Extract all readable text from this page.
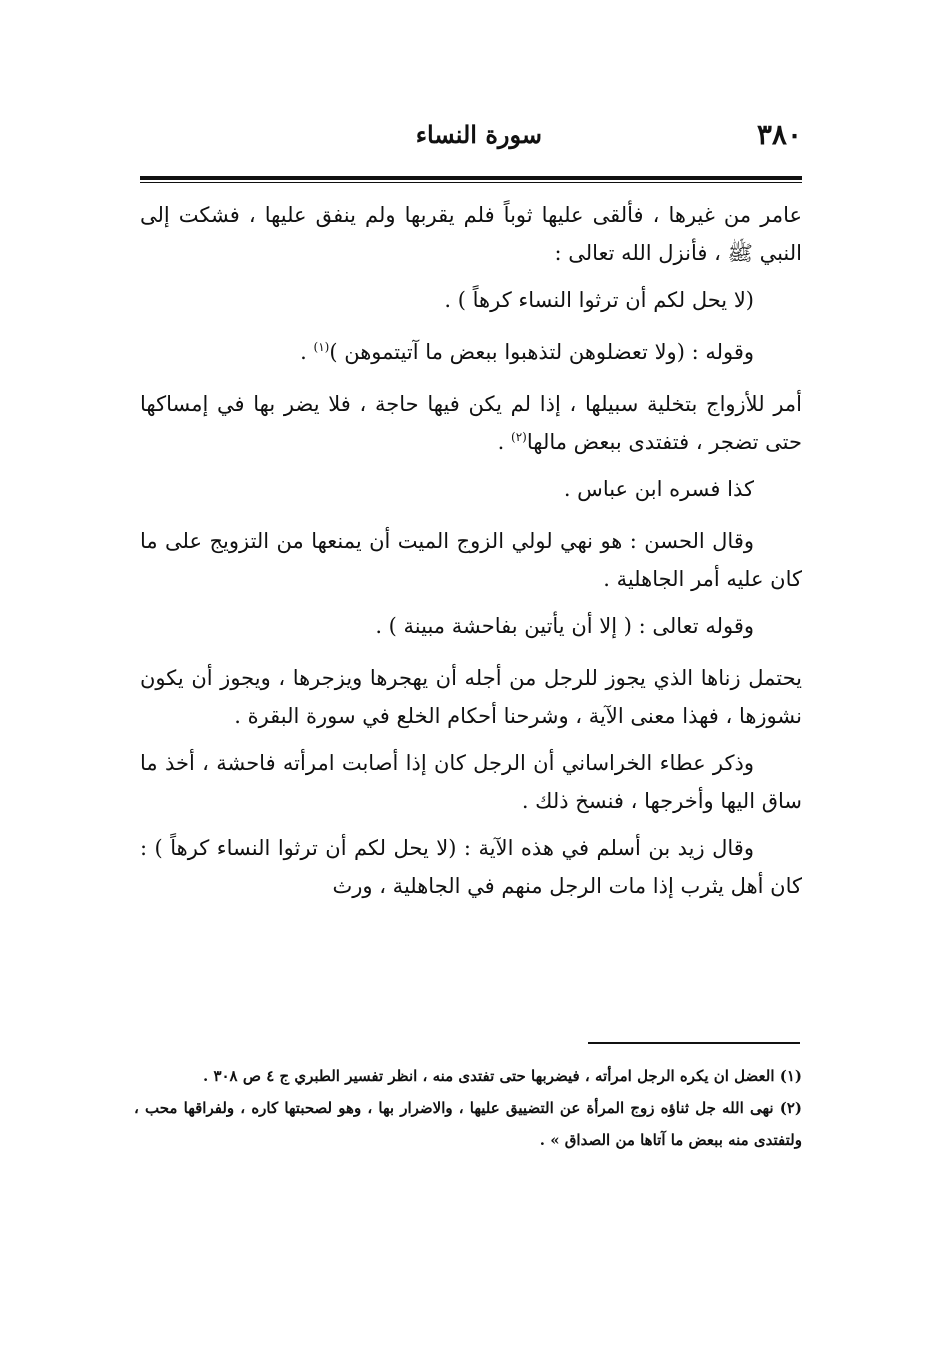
٣٨٠
سورة النساء

عامر من غيرها ، فألقى عليها ثوباً فلم يقربها ولم ينفق عليها ، فشكت إلى النبي ﷺ ، فأنزل الله تعالى :

(لا يحل لكم أن ترثوا النساء كرهاً ) .

وقوله : (ولا تعضلوهن لتذهبوا ببعض ما آتيتموهن )$^{(١)}$ .

أمر للأزواج بتخلية سبيلها ، إذا لم يكن فيها حاجة ، فلا يضر بها في إمساكها حتى تضجر ، فتفتدى ببعض مالها$^{(٢)}$ .

كذا فسره ابن عباس .

وقال الحسن : هو نهي لولي الزوج الميت أن يمنعها من التزويج على ما كان عليه أمر الجاهلية .

وقوله تعالى : ( إلا أن يأتين بفاحشة مبينة ) .

يحتمل زناها الذي يجوز للرجل من أجله أن يهجرها ويزجرها ، ويجوز أن يكون نشوزها ، فهذا معنى الآية ، وشرحنا أحكام الخلع في سورة البقرة .

وذكر عطاء الخراساني أن الرجل كان إذا أصابت امرأته فاحشة ، أخذ ما ساق اليها وأخرجها ، فنسخ ذلك .

وقال زيد بن أسلم في هذه الآية : (لا يحل لكم أن ترثوا النساء كرهاً ) : كان أهل يثرب إذا مات الرجل منهم في الجاهلية ، ورث

(١) العضل ان يكره الرجل امرأته ، فيضربها حتى تفتدى منه ، انظر تفسير الطبري ج ٤ ص ٣٠٨ .

(٢) نهى الله جل ثناؤه زوج المرأة عن التضييق عليها ، والاضرار بها ، وهو لصحبتها كاره ، ولفراقها محب ، ولتفتدى منه ببعض ما آتاها من الصداق » .
